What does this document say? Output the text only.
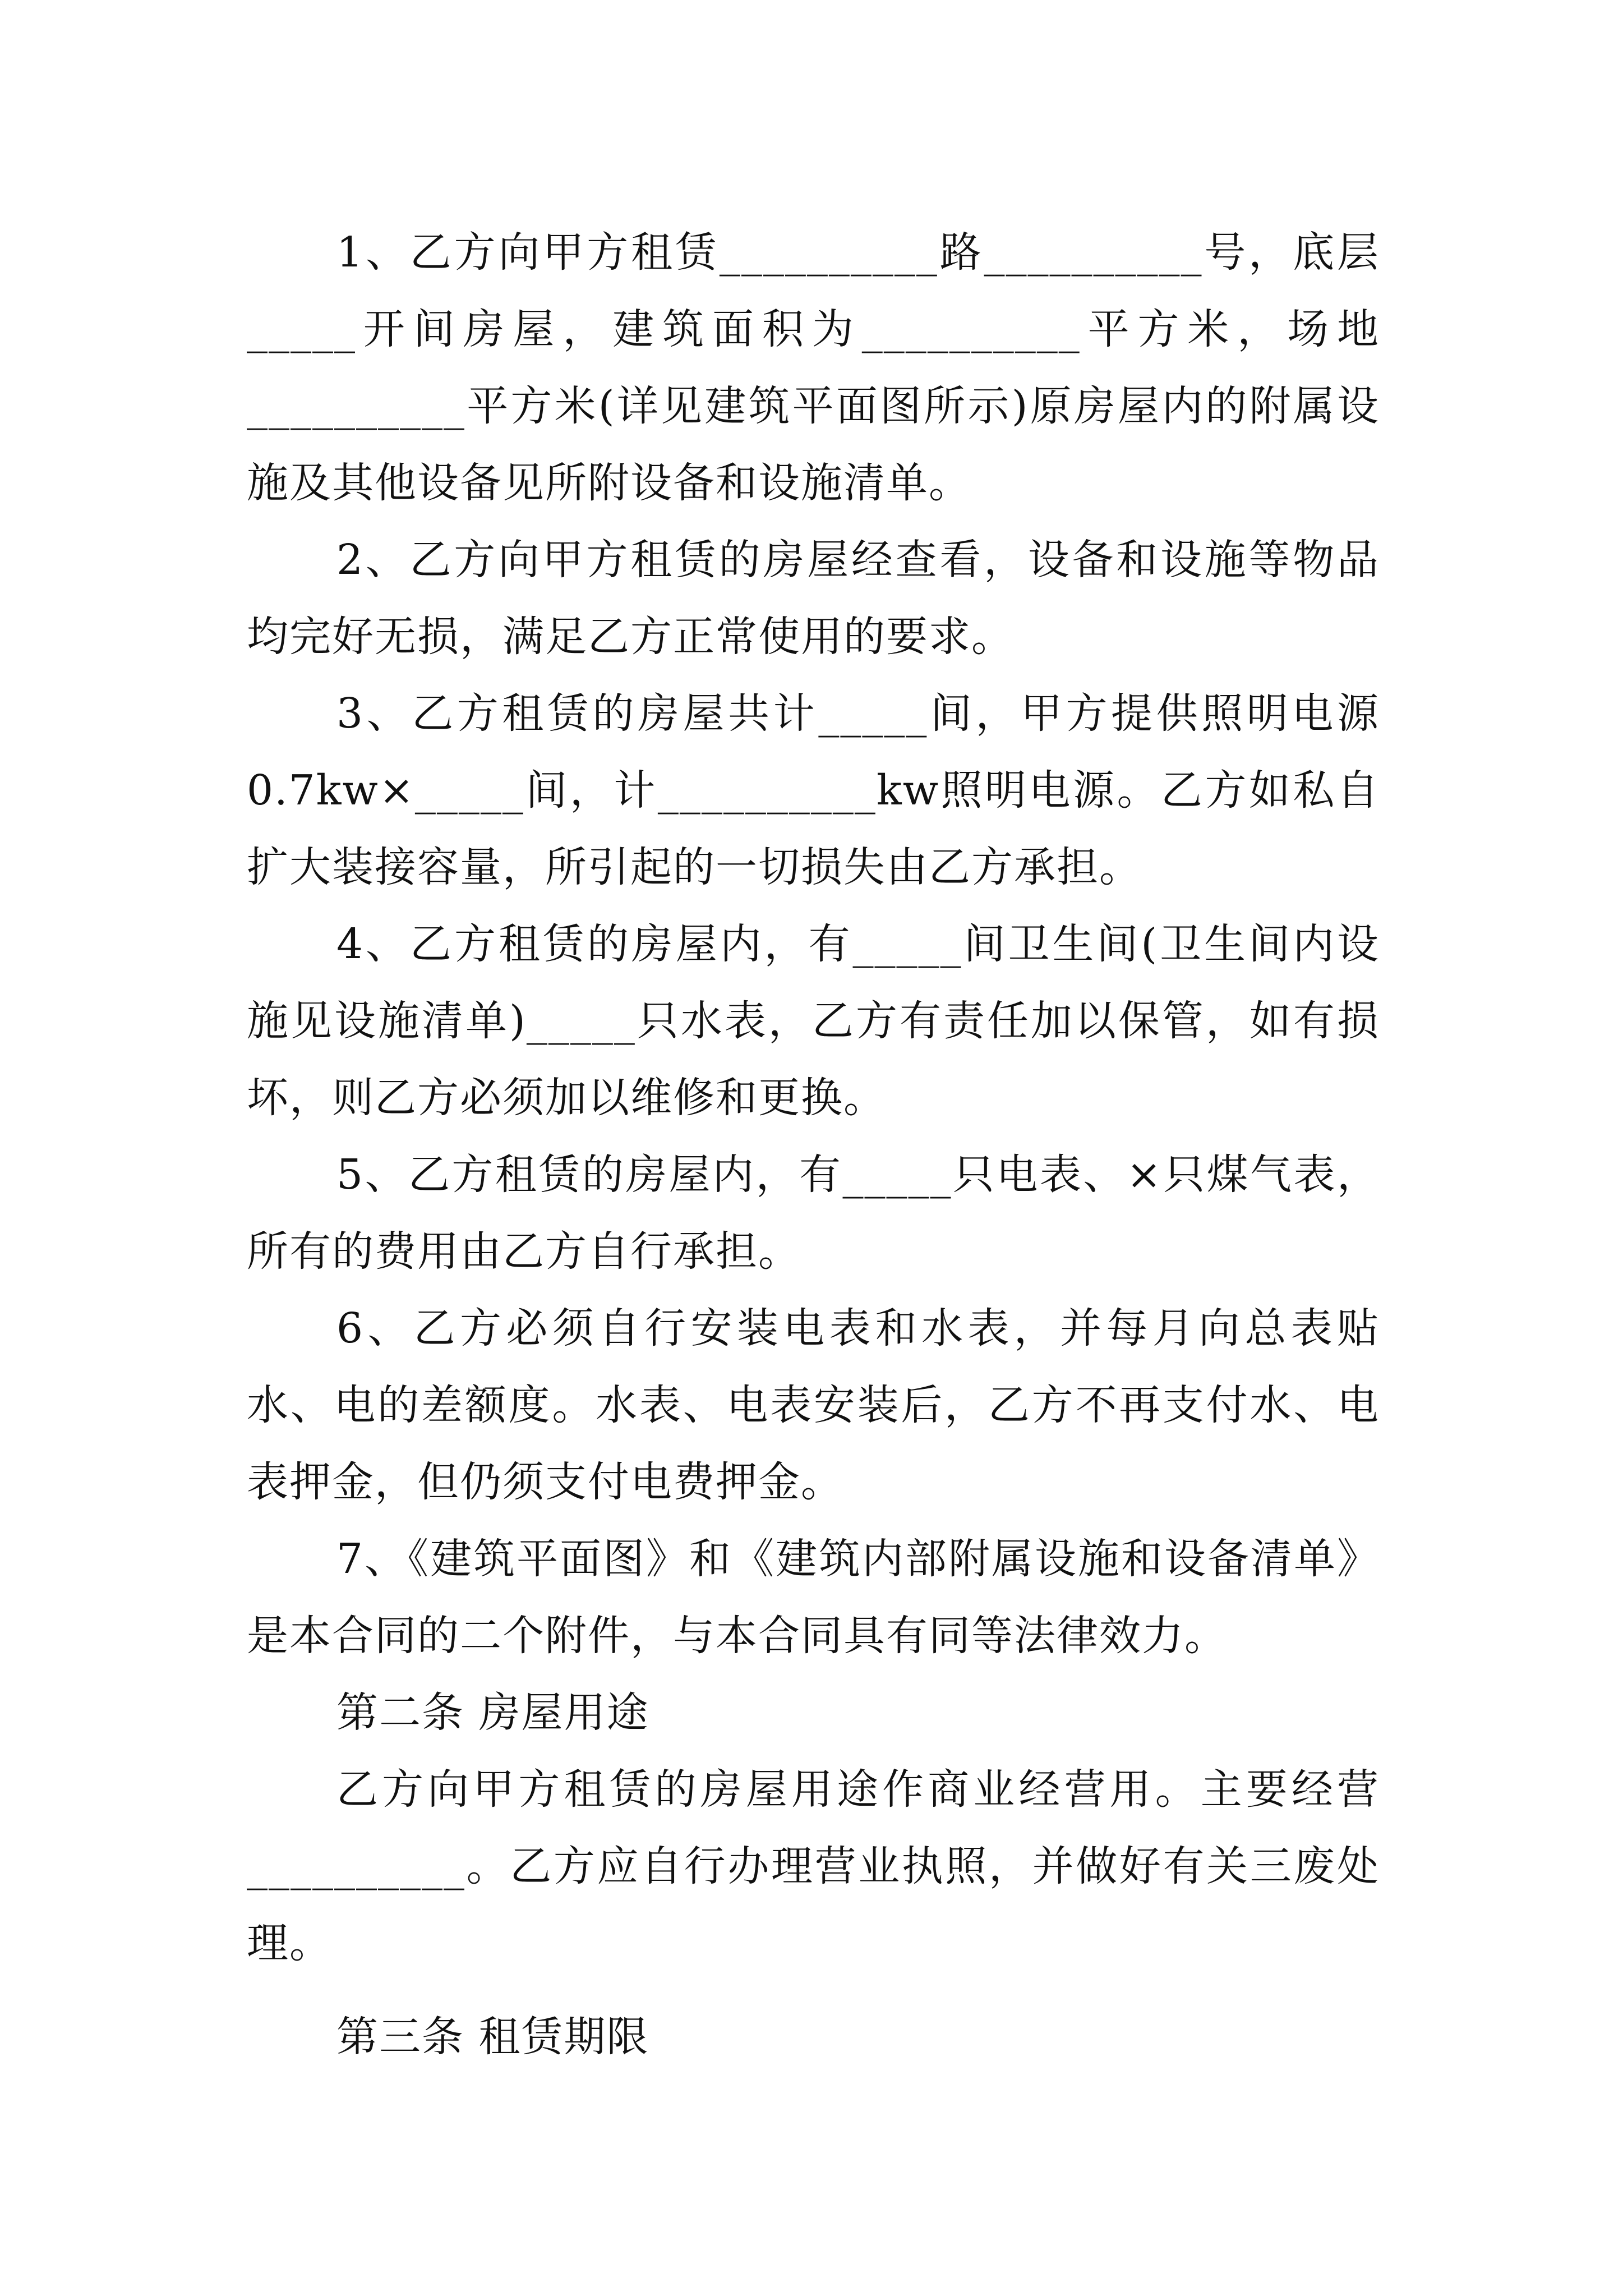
1、乙方向甲方租赁__________路__________号，底层_____开间房屋，建筑面积为__________平方米，场地__________平方米(详见建筑平面图所示)原房屋内的附属设施及其他设备见所附设备和设施清单。

2、乙方向甲方租赁的房屋经查看，设备和设施等物品均完好无损，满足乙方正常使用的要求。

3、乙方租赁的房屋共计_____间，甲方提供照明电源0.7kw×_____间，计__________kw照明电源。乙方如私自扩大装接容量，所引起的一切损失由乙方承担。

4、乙方租赁的房屋内，有_____间卫生间(卫生间内设施见设施清单)_____只水表，乙方有责任加以保管，如有损坏，则乙方必须加以维修和更换。

5、乙方租赁的房屋内，有_____只电表、×只煤气表，所有的费用由乙方自行承担。

6、乙方必须自行安装电表和水表，并每月向总表贴水、电的差额度。水表、电表安装后，乙方不再支付水、电表押金，但仍须支付电费押金。

7、《建筑平面图》和《建筑内部附属设施和设备清单》是本合同的二个附件，与本合同具有同等法律效力。

第二条 房屋用途

乙方向甲方租赁的房屋用途作商业经营用。主要经营__________。乙方应自行办理营业执照，并做好有关三废处理。

第三条 租赁期限
